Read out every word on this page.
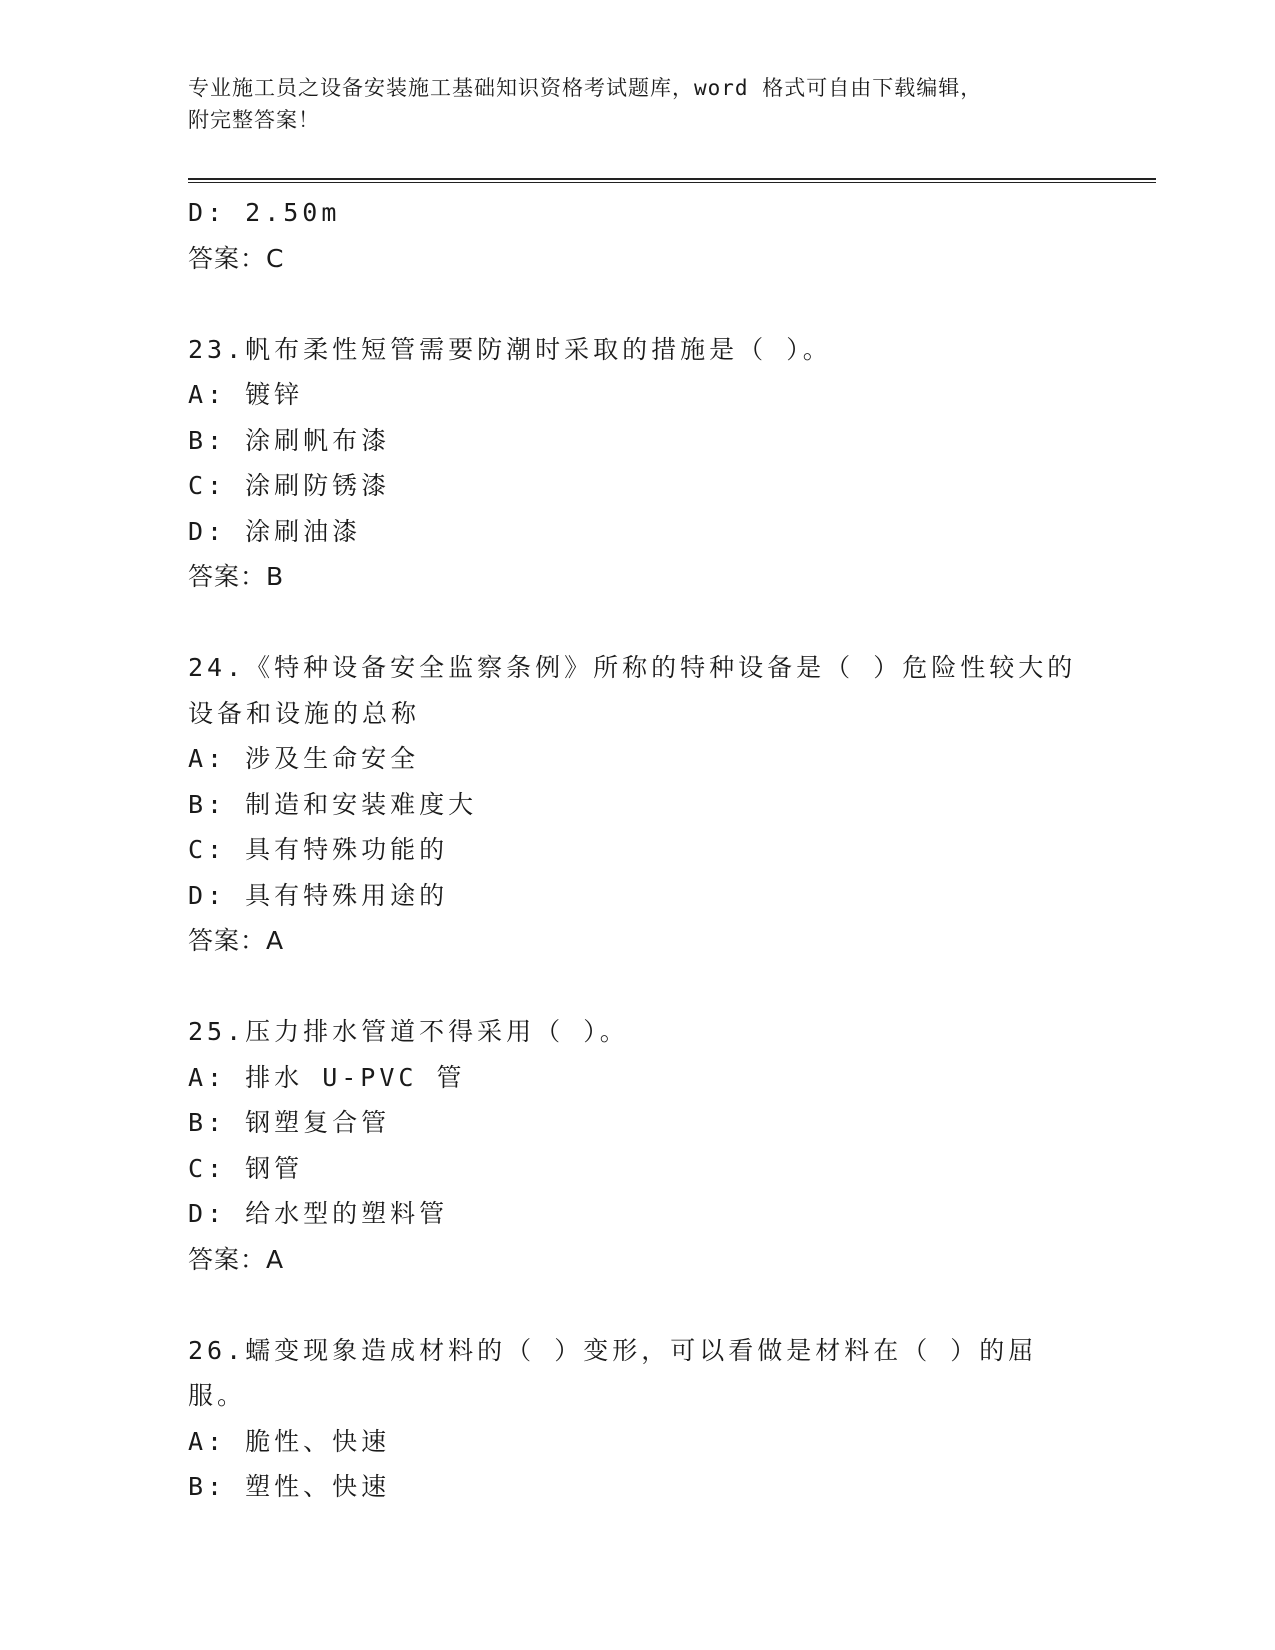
专业施工员之设备安装施工基础知识资格考试题库，word 格式可自由下载编辑，
附完整答案！
D: 2.50m
答案：C
23.帆布柔性短管需要防潮时采取的措施是（ ）。
A: 镀锌
B: 涂刷帆布漆
C: 涂刷防锈漆
D: 涂刷油漆
答案：B
24.《特种设备安全监察条例》所称的特种设备是（ ）危险性较大的
设备和设施的总称
A: 涉及生命安全
B: 制造和安装难度大
C: 具有特殊功能的
D: 具有特殊用途的
答案：A
25.压力排水管道不得采用（ ）。
A: 排水 U-PVC 管
B: 钢塑复合管
C: 钢管
D: 给水型的塑料管
答案：A
26.蠕变现象造成材料的（ ）变形，可以看做是材料在（ ）的屈服。
A: 脆性、快速
B: 塑性、快速
